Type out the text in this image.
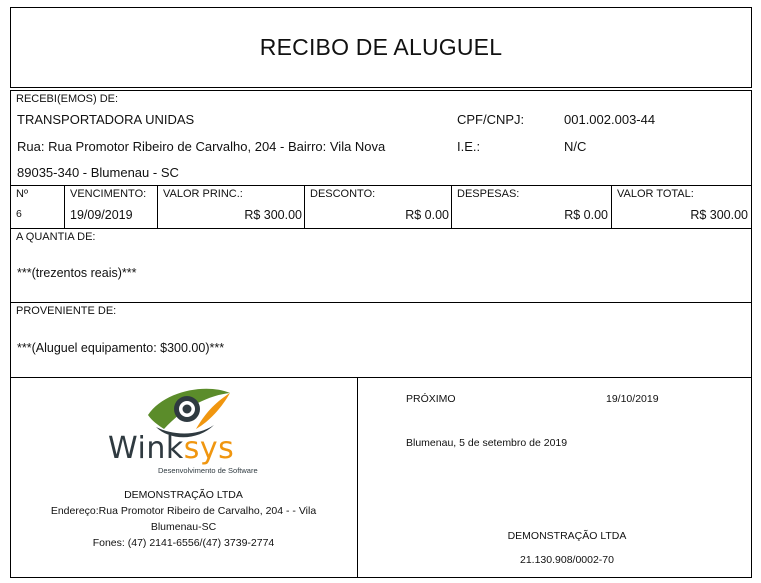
RECIBO DE ALUGUEL
RECEBI(EMOS) DE:
TRANSPORTADORA UNIDAS
Rua: Rua Promotor Ribeiro de Carvalho, 204 - Bairro: Vila Nova
89035-340 - Blumenau - SC
CPF/CNPJ:	001.002.003-44
I.E.:	N/C
Nº
6
VENCIMENTO:
19/09/2019
VALOR PRINC.:
R$ 300.00
DESCONTO:
R$ 0.00
DESPESAS:
R$ 0.00
VALOR TOTAL:
R$ 300.00
A QUANTIA DE:
***(trezentos reais)***
PROVENIENTE DE:
***(Aluguel equipamento: $300.00)***
Winksys
Desenvolvimento de Software
DEMONSTRAÇÃO LTDA
Endereço:Rua Promotor Ribeiro de Carvalho, 204 - - Vila
Blumenau-SC
Fones: (47) 2141-6556/(47) 3739-2774
PRÓXIMO	19/10/2019
Blumenau, 5 de setembro de 2019
DEMONSTRAÇÃO LTDA
21.130.908/0002-70
